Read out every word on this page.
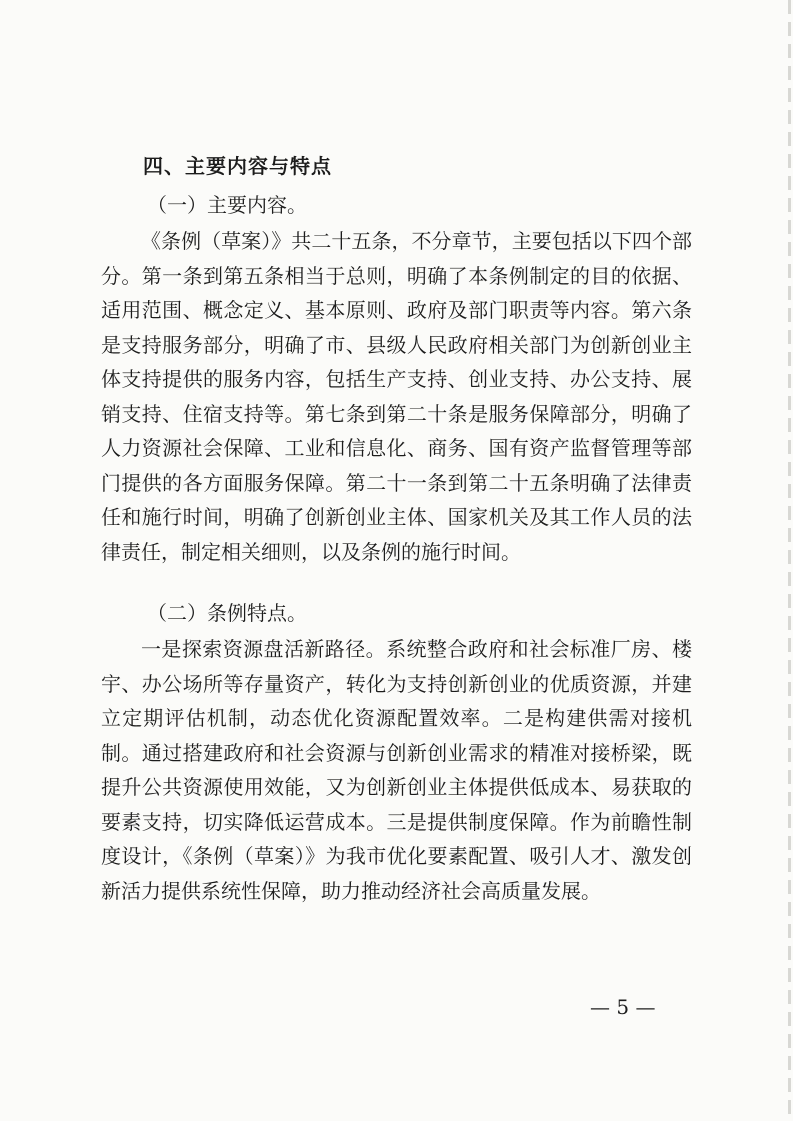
四、主要内容与特点
（一）主要内容。
《条例（草案）》共二十五条，不分章节，主要包括以下四个部分。第一条到第五条相当于总则，明确了本条例制定的目的依据、适用范围、概念定义、基本原则、政府及部门职责等内容。第六条是支持服务部分，明确了市、县级人民政府相关部门为创新创业主体支持提供的服务内容，包括生产支持、创业支持、办公支持、展销支持、住宿支持等。第七条到第二十条是服务保障部分，明确了人力资源社会保障、工业和信息化、商务、国有资产监督管理等部门提供的各方面服务保障。第二十一条到第二十五条明确了法律责任和施行时间，明确了创新创业主体、国家机关及其工作人员的法律责任，制定相关细则，以及条例的施行时间。
（二）条例特点。
一是探索资源盘活新路径。系统整合政府和社会标准厂房、楼宇、办公场所等存量资产，转化为支持创新创业的优质资源，并建立定期评估机制，动态优化资源配置效率。二是构建供需对接机制。通过搭建政府和社会资源与创新创业需求的精准对接桥梁，既提升公共资源使用效能，又为创新创业主体提供低成本、易获取的要素支持，切实降低运营成本。三是提供制度保障。作为前瞻性制度设计，《条例（草案）》为我市优化要素配置、吸引人才、激发创新活力提供系统性保障，助力推动经济社会高质量发展。
— 5 —
